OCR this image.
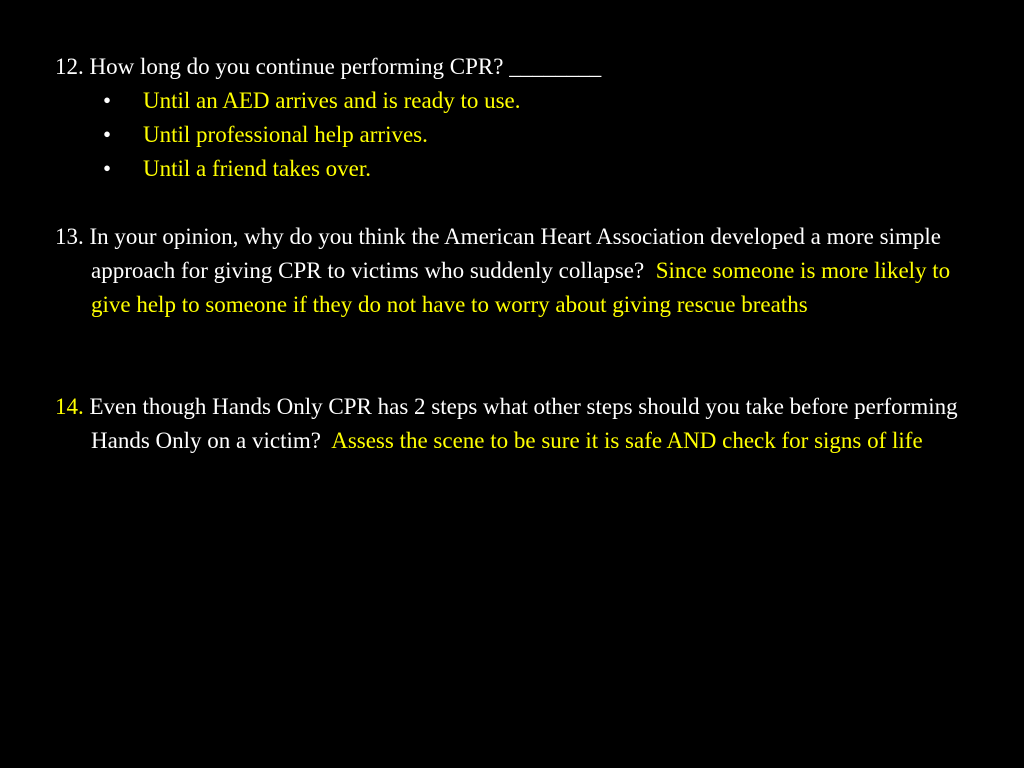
12. How long do you continue performing CPR? ________
• Until an AED arrives and is ready to use.
• Until professional help arrives.
• Until a friend takes over.

13. In your opinion, why do you think the American Heart Association developed a more simple approach for giving CPR to victims who suddenly collapse? Since someone is more likely to give help to someone if they do not have to worry about giving rescue breaths

14. Even though Hands Only CPR has 2 steps what other steps should you take before performing Hands Only on a victim? Assess the scene to be sure it is safe AND check for signs of life
